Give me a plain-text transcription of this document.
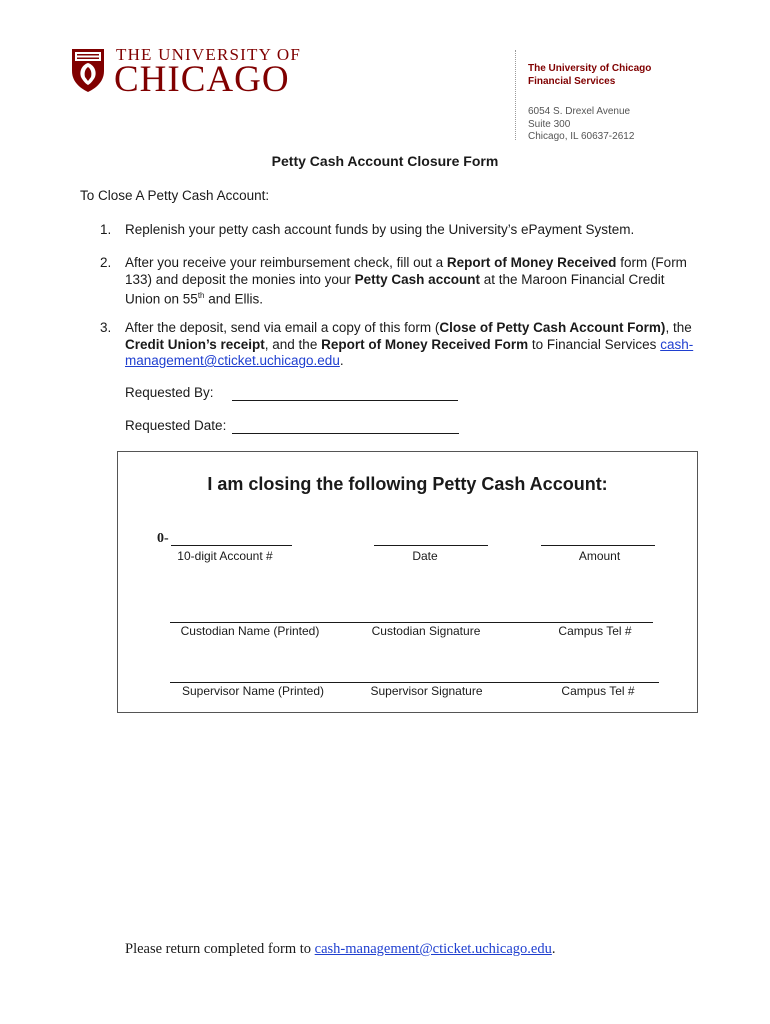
THE UNIVERSITY OF
CHICAGO	The University of Chicago
Financial Services
6054 S. Drexel Avenue
Suite 300
Chicago, IL 60637-2612
Petty Cash Account Closure Form
To Close A Petty Cash Account:
1. Replenish your petty cash account funds by using the University’s ePayment System.
2. After you receive your reimbursement check, fill out a Report of Money Received form (Form 133) and deposit the monies into your Petty Cash account at the Maroon Financial Credit Union on 55th and Ellis.
3. After the deposit, send via email a copy of this form (Close of Petty Cash Account Form), the Credit Union’s receipt, and the Report of Money Received Form to Financial Services cash-management@cticket.uchicago.edu.
Requested By:
Requested Date:
I am closing the following Petty Cash Account:
0-
10-digit Account #	Date	Amount
Custodian Name (Printed)	Custodian Signature	Campus Tel #
Supervisor Name (Printed)	Supervisor Signature	Campus Tel #
Please return completed form to cash-management@cticket.uchicago.edu.
